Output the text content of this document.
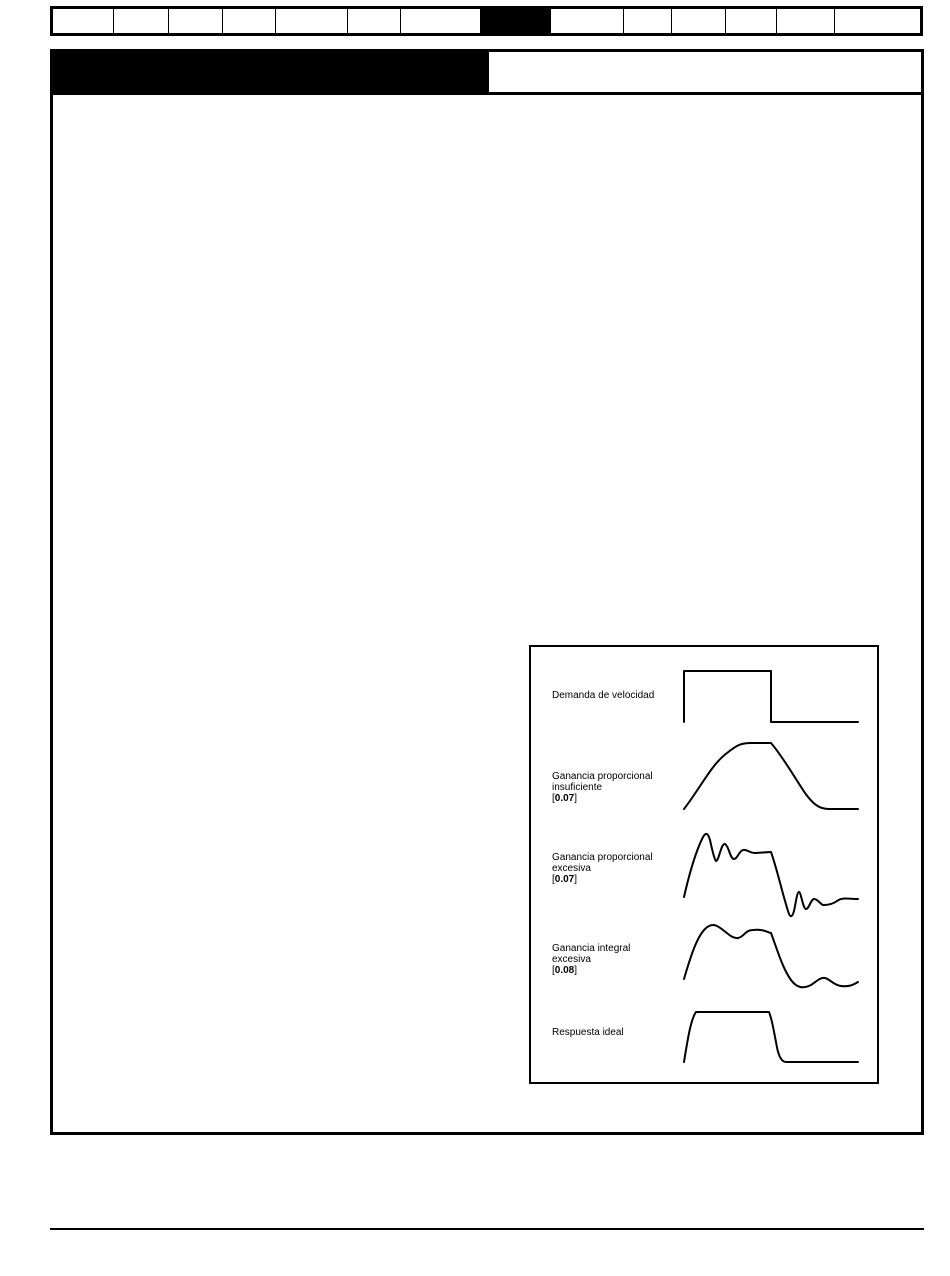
Demanda de velocidad
Ganancia proporcional
insuficiente
[0.07]
Ganancia proporcional
excesiva
[0.07]
Ganancia integral
excesiva
[0.08]
Respuesta ideal
